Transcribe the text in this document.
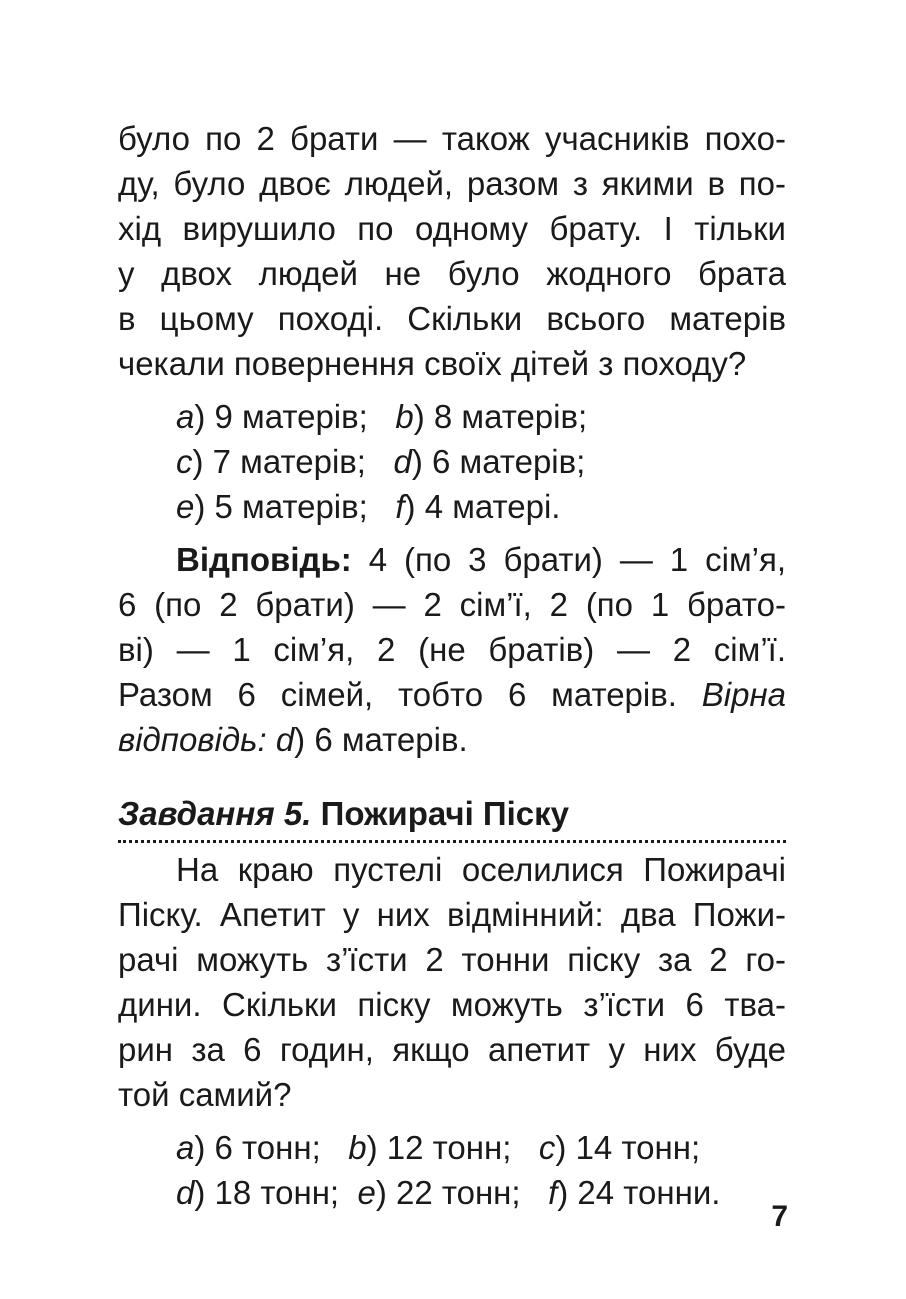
було по 2 брати — також учасників похо-
ду, було двоє людей, разом з якими в по-
хід вирушило по одному брату. І тільки
у двох людей не було жодного брата
в цьому поході. Скільки всього матерів
чекали повернення своїх дітей з походу?
a) 9 матерів; b) 8 матерів;
c) 7 матерів; d) 6 матерів;
e) 5 матерів; f) 4 матері.
Відповідь: 4 (по 3 брати) — 1 сім’я,
6 (по 2 брати) — 2 сім’ї, 2 (по 1 брато-
ві) — 1 сім’я, 2 (не братів) — 2 сім’ї.
Разом 6 сімей, тобто 6 матерів. Вірна
відповідь: d) 6 матерів.
Завдання 5. Пожирачі Піску
На краю пустелі оселилися Пожирачі
Піску. Апетит у них відмінний: два Пожи-
рачі можуть з’їсти 2 тонни піску за 2 го-
дини. Скільки піску можуть з’їсти 6 тва-
рин за 6 годин, якщо апетит у них буде
той самий?
a) 6 тонн; b) 12 тонн; c) 14 тонн;
d) 18 тонн; e) 22 тонн; f) 24 тонни.
7
